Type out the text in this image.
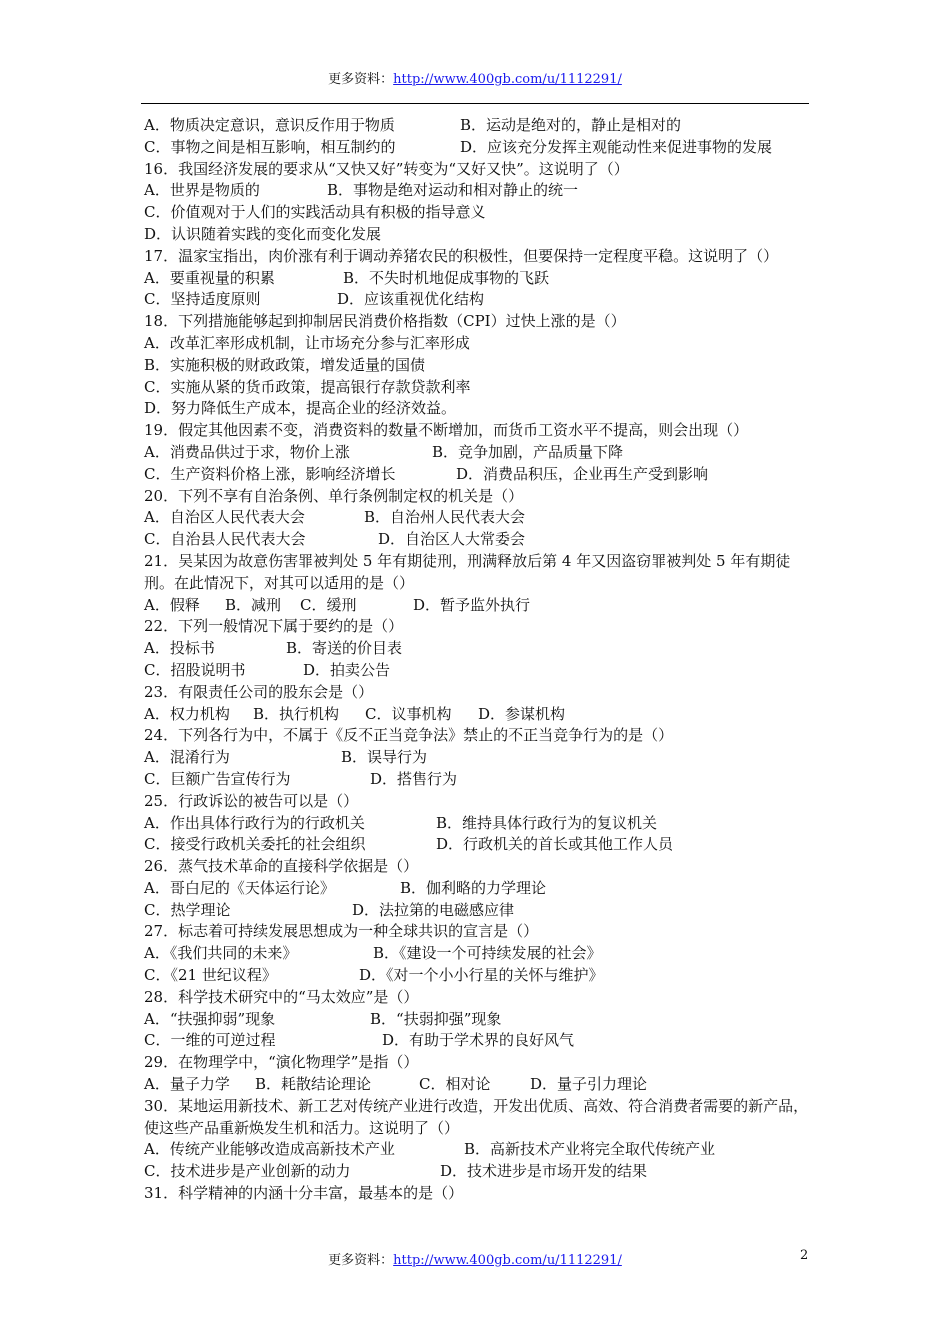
更多资料：http://www.400gb.com/u/1112291/
A．物质决定意识，意识反作用于物质	B．运动是绝对的，静止是相对的
C．事物之间是相互影响，相互制约的	D．应该充分发挥主观能动性来促进事物的发展
16．我国经济发展的要求从“又快又好”转变为“又好又快”。这说明了（）
A．世界是物质的	B．事物是绝对运动和相对静止的统一
C．价值观对于人们的实践活动具有积极的指导意义
D．认识随着实践的变化而变化发展
17．温家宝指出，肉价涨有利于调动养猪农民的积极性，但要保持一定程度平稳。这说明了（）
A．要重视量的积累	B．不失时机地促成事物的飞跃
C．坚持适度原则	D．应该重视优化结构
18．下列措施能够起到抑制居民消费价格指数（CPI）过快上涨的是（）
A．改革汇率形成机制，让市场充分参与汇率形成
B．实施积极的财政政策，增发适量的国债
C．实施从紧的货币政策，提高银行存款贷款利率
D．努力降低生产成本，提高企业的经济效益。
19．假定其他因素不变，消费资料的数量不断增加，而货币工资水平不提高，则会出现（）
A．消费品供过于求，物价上涨	B．竞争加剧，产品质量下降
C．生产资料价格上涨，影响经济增长	D．消费品积压，企业再生产受到影响
20．下列不享有自治条例、单行条例制定权的机关是（）
A．自治区人民代表大会	B．自治州人民代表大会
C．自治县人民代表大会	D．自治区人大常委会
21．吴某因为故意伤害罪被判处 5 年有期徒刑，刑满释放后第 4 年又因盗窃罪被判处 5 年有期徒刑。在此情况下，对其可以适用的是（）
A．假释 B．减刑 C．缓刑	D．暂予监外执行
22．下列一般情况下属于要约的是（）
A．投标书	B．寄送的价目表
C．招股说明书	D．拍卖公告
23．有限责任公司的股东会是（）
A．权力机构 B．执行机构 C．议事机构 D．参谋机构
24．下列各行为中，不属于《反不正当竞争法》禁止的不正当竞争行为的是（）
A．混淆行为	B．误导行为
C．巨额广告宣传行为	D．搭售行为
25．行政诉讼的被告可以是（）
A．作出具体行政行为的行政机关	B．维持具体行政行为的复议机关
C．接受行政机关委托的社会组织	D．行政机关的首长或其他工作人员
26．蒸气技术革命的直接科学依据是（）
A．哥白尼的《天体运行论》	B．伽利略的力学理论
C．热学理论	D．法拉第的电磁感应律
27．标志着可持续发展思想成为一种全球共识的宣言是（）
A．《我们共同的未来》	B．《建设一个可持续发展的社会》
C．《21 世纪议程》	D．《对一个小小行星的关怀与维护》
28．科学技术研究中的“马太效应”是（）
A．“扶强抑弱”现象	B．“扶弱抑强”现象
C．一维的可逆过程	D．有助于学术界的良好风气
29．在物理学中，“演化物理学”是指（）
A．量子力学 B．耗散结论理论	C．相对论	D．量子引力理论
30．某地运用新技术、新工艺对传统产业进行改造，开发出优质、高效、符合消费者需要的新产品，使这些产品重新焕发生机和活力。这说明了（）
A．传统产业能够改造成高新技术产业	B．高新技术产业将完全取代传统产业
C．技术进步是产业创新的动力	D．技术进步是市场开发的结果
31．科学精神的内涵十分丰富，最基本的是（）
更多资料：http://www.400gb.com/u/1112291/	2
